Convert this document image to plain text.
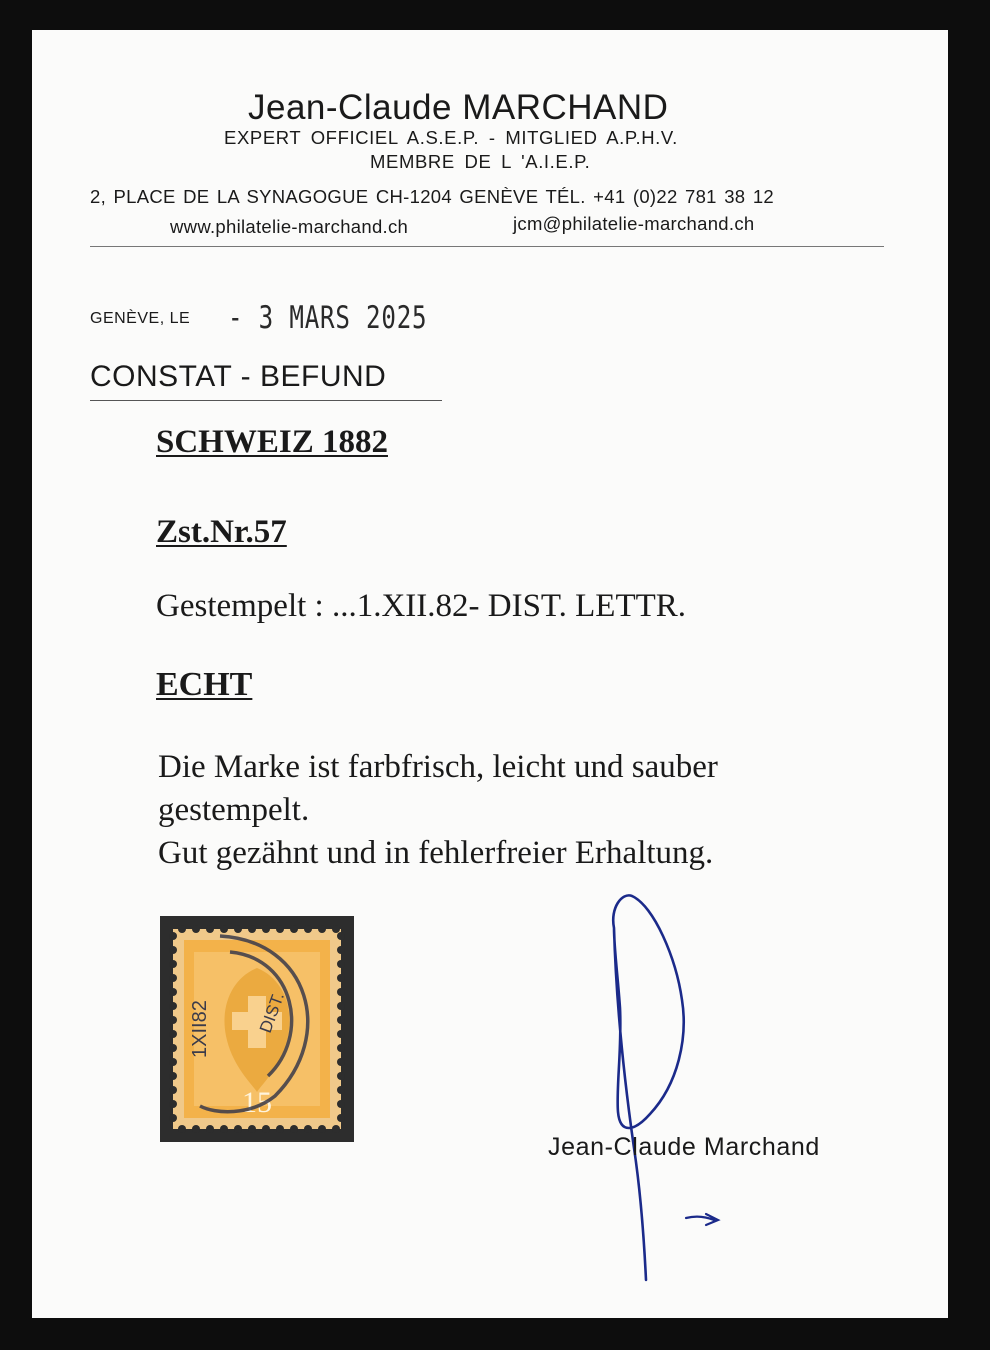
Jean-Claude MARCHAND
EXPERT OFFICIEL A.S.E.P. - MITGLIED A.P.H.V.
MEMBRE DE L 'A.I.E.P.
2, PLACE DE LA SYNAGOGUE CH-1204 GENÈVE TÉL. +41 (0)22 781 38 12
www.philatelie-marchand.ch	jcm@philatelie-marchand.ch
GENÈVE, LE - 3 MARS 2025
CONSTAT - BEFUND
SCHWEIZ 1882
Zst.Nr.57
Gestempelt : ...1.XII.82- DIST. LETTR.
ECHT
Die Marke ist farbfrisch, leicht und sauber
gestempelt.
Gut gezähnt und in fehlerfreier Erhaltung.
15
1XII82	DIST.
Jean-Claude Marchand
